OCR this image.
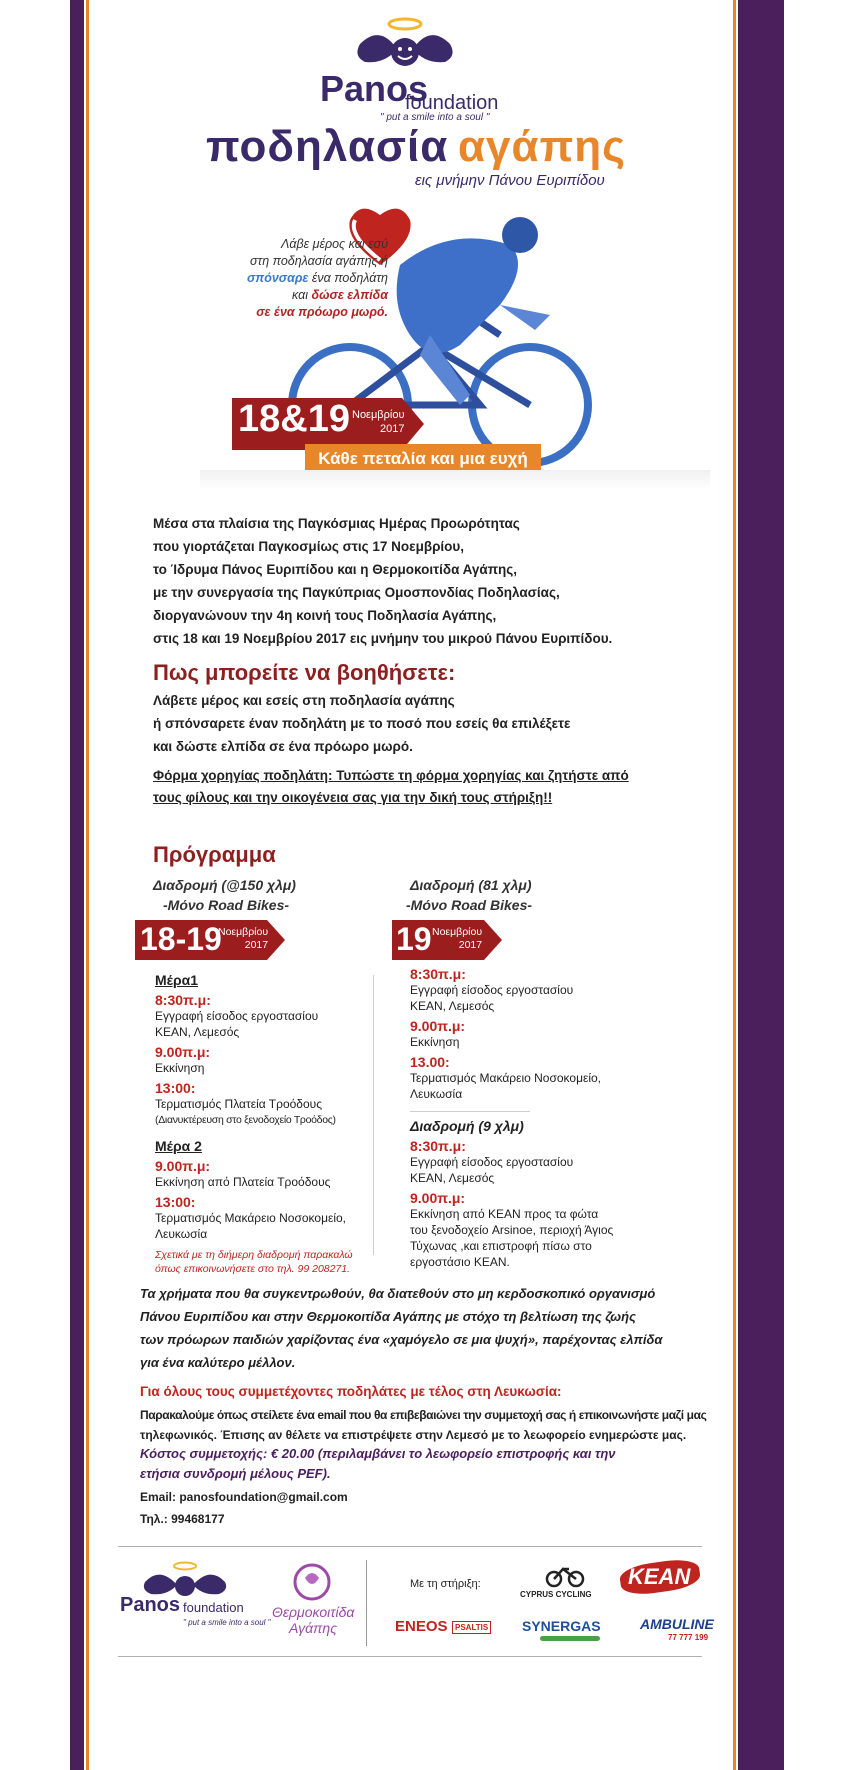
Panos
foundation
" put a smile into a soul "
ποδηλασία αγάπης
εις μνήμην Πάνου Ευριπίδου
Λάβε μέρος και εσύ
στη ποδηλασία αγάπης ή
σπόνσαρε ένα ποδηλάτη
και δώσε ελπίδα
σε ένα πρόωρο μωρό.
18&19 Νοεμβρίου
2017
Κάθε πεταλία και μια ευχή
Μέσα στα πλαίσια της Παγκόσμιας Ημέρας Προωρότητας
που γιορτάζεται Παγκοσμίως στις 17 Νοεμβρίου,
το Ίδρυμα Πάνος Ευριπίδου και η Θερμοκοιτίδα Αγάπης,
με την συνεργασία της Παγκύπριας Ομοσπονδίας Ποδηλασίας,
διοργανώνουν την 4η κοινή τους Ποδηλασία Αγάπης,
στις 18 και 19 Νοεμβρίου 2017 εις μνήμην του μικρού Πάνου Ευριπίδου.
Πως μπορείτε να βοηθήσετε:
Λάβετε μέρος και εσείς στη ποδηλασία αγάπης
ή σπόνσαρετε έναν ποδηλάτη με το ποσό που εσείς θα επιλέξετε
και δώστε ελπίδα σε ένα πρόωρο μωρό.
Φόρμα χορηγίας ποδηλάτη: Τυπώστε τη φόρμα χορηγίας και ζητήστε από
τους φίλους και την οικογένεια σας για την δική τους στήριξη!!
Πρόγραμμα
Διαδρομή (@150 χλμ)
-Μόνο Road Bikes-
Διαδρομή (81 χλμ)
-Μόνο Road Bikes-
18-19
Νοεμβρίου
2017	19 Νοεμβρίου
2017
Μέρα1
8:30π.μ:
Εγγραφή είσοδος εργοστασίου
ΚΕΑΝ, Λεμεσός
9.00π.μ:
Εκκίνηση
13:00:
Τερματισμός Πλατεία Τροόδους
(Διανυκτέρευση στο ξενοδοχείο Τροόδος)
Μέρα 2
9.00π.μ:
Εκκίνηση από Πλατεία Τροόδους
13:00:
Τερματισμός Μακάρειο Νοσοκομείο,
Λευκωσία
Σχετικά με τη διήμερη διαδρομή παρακαλώ
όπως επικοινωνήσετε στο τηλ. 99 208271.
8:30π.μ:
Εγγραφή είσοδος εργοστασίου
ΚΕΑΝ, Λεμεσός
9.00π.μ:
Εκκίνηση
13.00:
Τερματισμός Μακάρειο Νοσοκομείο,
Λευκωσία
Διαδρομή (9 χλμ)
8:30π.μ:
Εγγραφή είσοδος εργοστασίου
ΚΕΑΝ, Λεμεσός
9.00π.μ:
Εκκίνηση από ΚΕΑΝ προς τα φώτα
του ξενοδοχείο Arsinoe, περιοχή Άγιος
Τύχωνας ,και επιστροφή πίσω στο
εργοστάσιο ΚΕΑΝ.
Τα χρήματα που θα συγκεντρωθούν, θα διατεθούν στο μη κερδοσκοπικό οργανισμό
Πάνου Ευριπίδου και στην Θερμοκοιτίδα Αγάπης με στόχο τη βελτίωση της ζωής
των πρόωρων παιδιών χαρίζοντας ένα «χαμόγελο σε μια ψυχή», παρέχοντας ελπίδα
για ένα καλύτερο μέλλον.
Για όλους τους συμμετέχοντες ποδηλάτες με τέλος στη Λευκωσία:
Παρακαλούμε όπως στείλετε ένα email που θα επιβεβαιώνει την συμμετοχή σας ή επικοινωνήστε μαζί μας
τηλεφωνικός. Έπισης αν θέλετε να επιστρέψετε στην Λεμεσό με το λεωφορείο ενημερώστε μας.
Κόστος συμμετοχής: € 20.00 (περιλαμβάνει το λεωφορείο επιστροφής και την
ετήσια συνδρομή μέλους PEF).
Email: panosfoundation@gmail.com
Τηλ.: 99468177
Panos foundation
" put a smile into a soul "
Θερμοκοιτίδα
Αγάπης
Με τη στήριξη:
CYPRUS CYCLING
KEAN
ENEOS PSALTIS SYNERGAS	AMBULINE
77 777 199
